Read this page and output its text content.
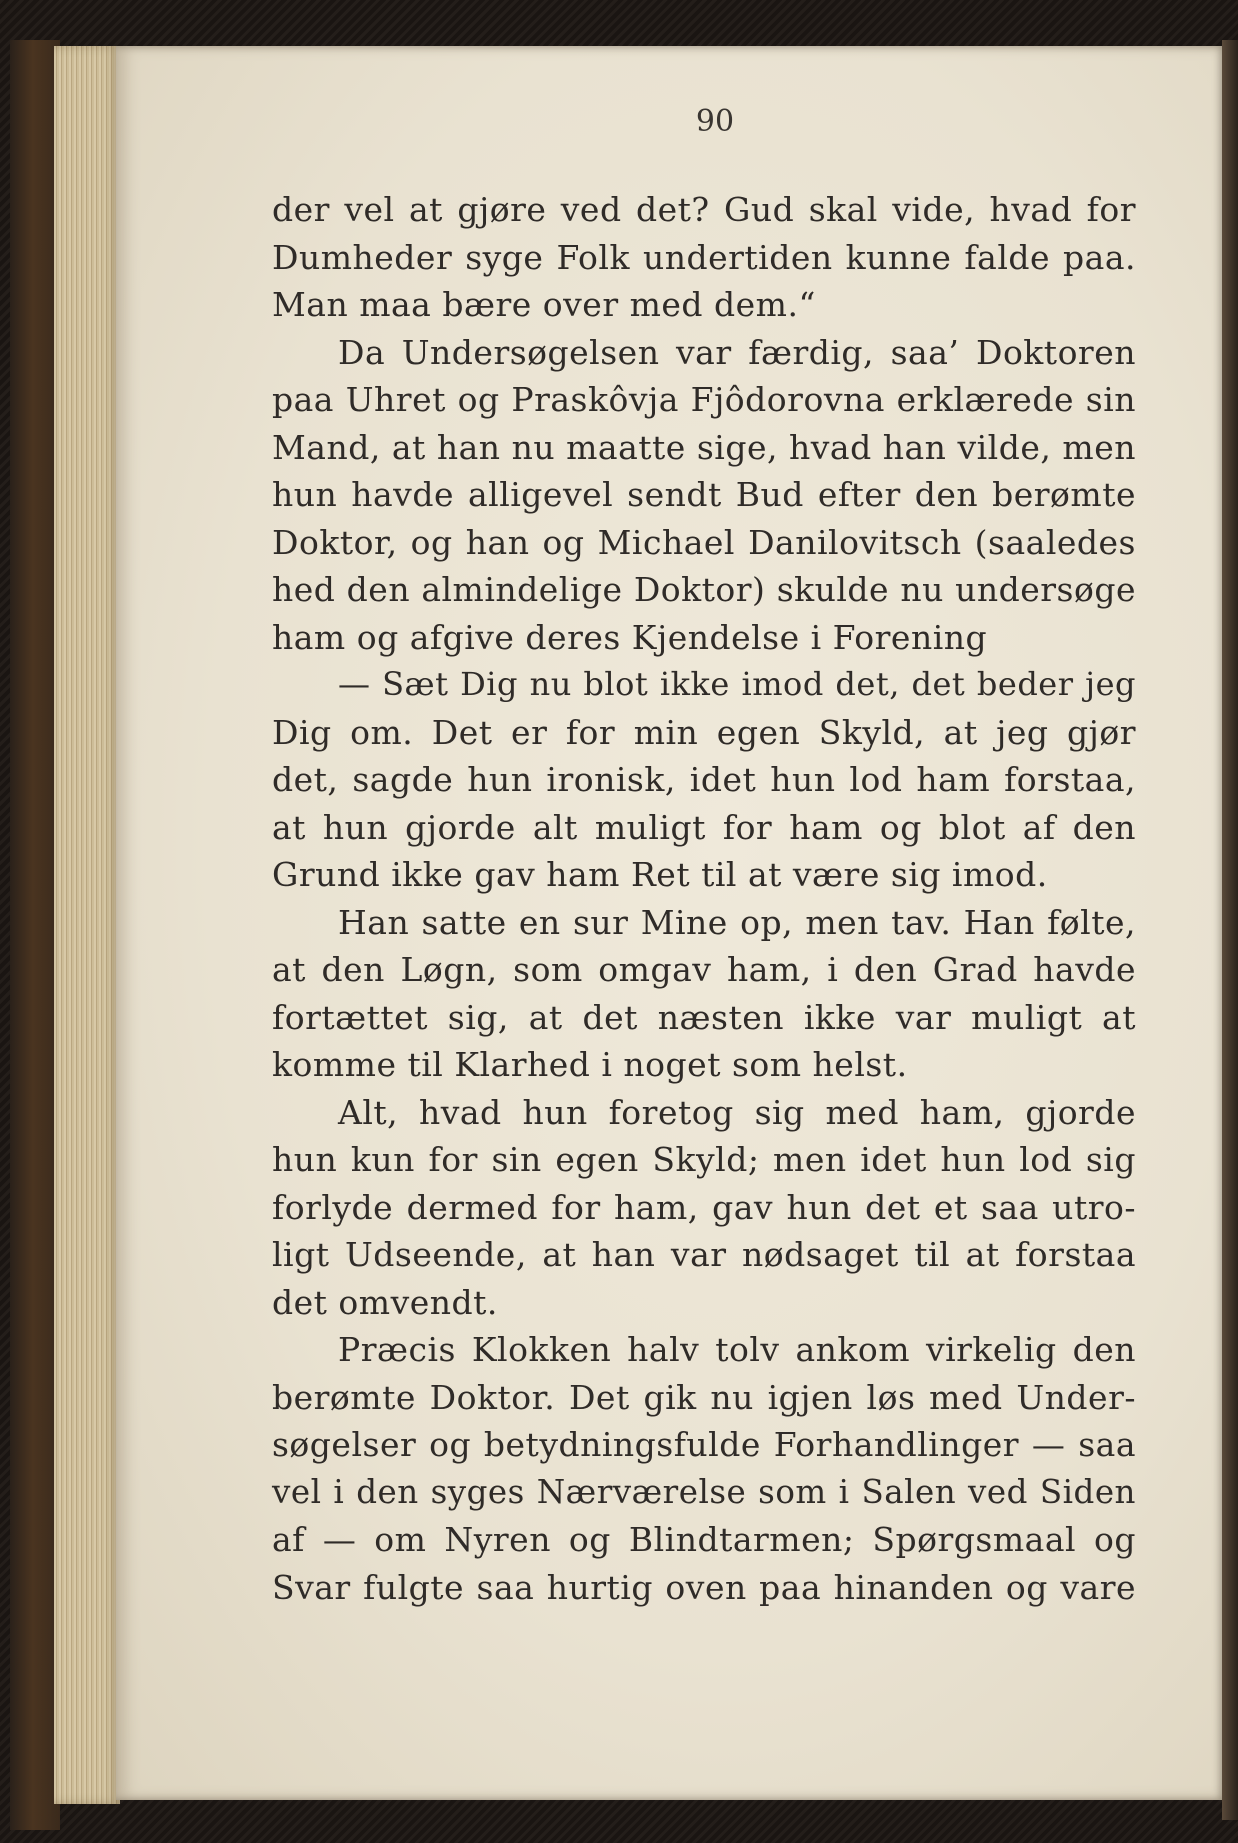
90
der vel at gjøre ved det? Gud skal vide, hvad for
Dumheder syge Folk undertiden kunne falde paa.
Man maa bære over med dem.“
Da Undersøgelsen var færdig, saa’ Doktoren
paa Uhret og Praskôvja Fjôdorovna erklærede sin
Mand, at han nu maatte sige, hvad han vilde, men
hun havde alligevel sendt Bud efter den berømte
Doktor, og han og Michael Danilovitsch (saaledes
hed den almindelige Doktor) skulde nu undersøge
ham og afgive deres Kjendelse i Forening
— Sæt Dig nu blot ikke imod det, det beder jeg
Dig om. Det er for min egen Skyld, at jeg gjør
det, sagde hun ironisk, idet hun lod ham forstaa,
at hun gjorde alt muligt for ham og blot af den
Grund ikke gav ham Ret til at være sig imod.
Han satte en sur Mine op, men tav. Han følte,
at den Løgn, som omgav ham, i den Grad havde
fortættet sig, at det næsten ikke var muligt at
komme til Klarhed i noget som helst.
Alt, hvad hun foretog sig med ham, gjorde
hun kun for sin egen Skyld; men idet hun lod sig
forlyde dermed for ham, gav hun det et saa utro-
ligt Udseende, at han var nødsaget til at forstaa
det omvendt.
Præcis Klokken halv tolv ankom virkelig den
berømte Doktor. Det gik nu igjen løs med Under-
søgelser og betydningsfulde Forhandlinger — saa
vel i den syges Nærværelse som i Salen ved Siden
af — om Nyren og Blindtarmen; Spørgsmaal og
Svar fulgte saa hurtig oven paa hinanden og vare
